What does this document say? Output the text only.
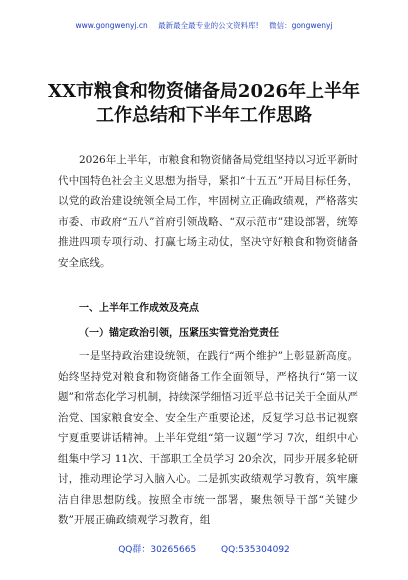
www.gongwenyj.cn 最新最全最专业的公文资料库! 微信：gongwenyj
XX市粮食和物资储备局2026年上半年工作总结和下半年工作思路

2026年上半年，市粮食和物资储备局党组坚持以习近平新时代中国特色社会主义思想为指导，紧扣“十五五”开局目标任务，以党的政治建设统领全局工作，牢固树立正确政绩观，严格落实市委、市政府“五八”首府引领战略、“双示范市”建设部署，统筹推进四项专项行动、打赢七场主动仗，坚决守好粮食和物资储备安全底线。

一、上半年工作成效及亮点
（一）锚定政治引领，压紧压实管党治党责任

一是坚持政治建设统领，在践行“两个维护”上彰显新高度。始终坚持党对粮食和物资储备工作全面领导，严格执行“第一议题”和常态化学习机制，持续深学细悟习近平总书记关于全面从严治党、国家粮食安全、安全生产重要论述，反复学习总书记视察宁夏重要讲话精神。上半年党组“第一议题”学习 7次，组织中心组集中学习 11次、干部职工全员学习 20余次，同步开展多轮研讨，推动理论学习入脑入心。二是抓实政绩观学习教育，筑牢廉洁自律思想防线。按照全市统一部署，聚焦领导干部“关键少数”开展正确政绩观学习教育，组

QQ群：30265665	QQ:535304092
